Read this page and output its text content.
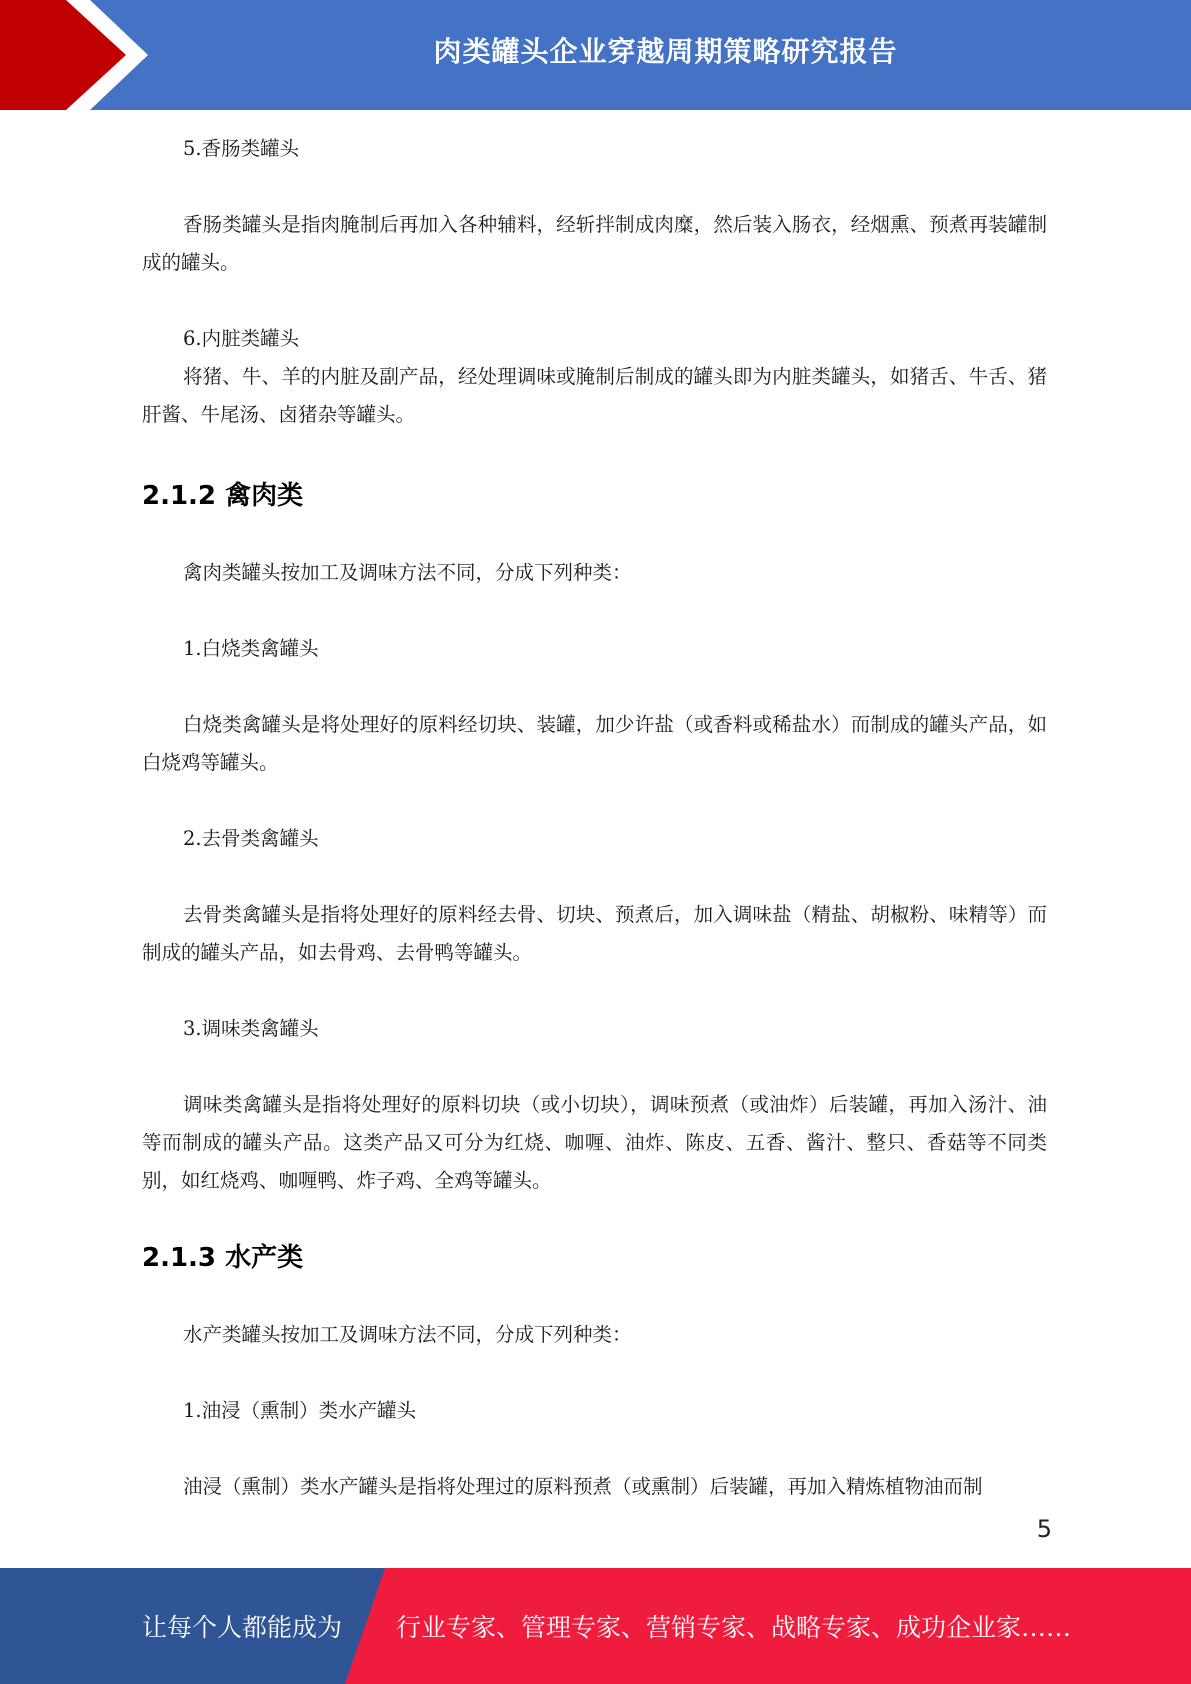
肉类罐头企业穿越周期策略研究报告

5.香肠类罐头

香肠类罐头是指肉腌制后再加入各种辅料，经斩拌制成肉糜，然后装入肠衣，经烟熏、预煮再装罐制成的罐头。

6.内脏类罐头

将猪、牛、羊的内脏及副产品，经处理调味或腌制后制成的罐头即为内脏类罐头，如猪舌、牛舌、猪肝酱、牛尾汤、卤猪杂等罐头。

2.1.2 禽肉类

禽肉类罐头按加工及调味方法不同，分成下列种类：

1.白烧类禽罐头

白烧类禽罐头是将处理好的原料经切块、装罐，加少许盐（或香料或稀盐水）而制成的罐头产品，如白烧鸡等罐头。

2.去骨类禽罐头

去骨类禽罐头是指将处理好的原料经去骨、切块、预煮后，加入调味盐（精盐、胡椒粉、味精等）而制成的罐头产品，如去骨鸡、去骨鸭等罐头。

3.调味类禽罐头

调味类禽罐头是指将处理好的原料切块（或小切块），调味预煮（或油炸）后装罐，再加入汤汁、油等而制成的罐头产品。这类产品又可分为红烧、咖喱、油炸、陈皮、五香、酱汁、整只、香菇等不同类别，如红烧鸡、咖喱鸭、炸子鸡、全鸡等罐头。

2.1.3 水产类

水产类罐头按加工及调味方法不同，分成下列种类：

1.油浸（熏制）类水产罐头

油浸（熏制）类水产罐头是指将处理过的原料预煮（或熏制）后装罐，再加入精炼植物油而制

5
让每个人都能成为 行业专家、管理专家、营销专家、战略专家、成功企业家……
